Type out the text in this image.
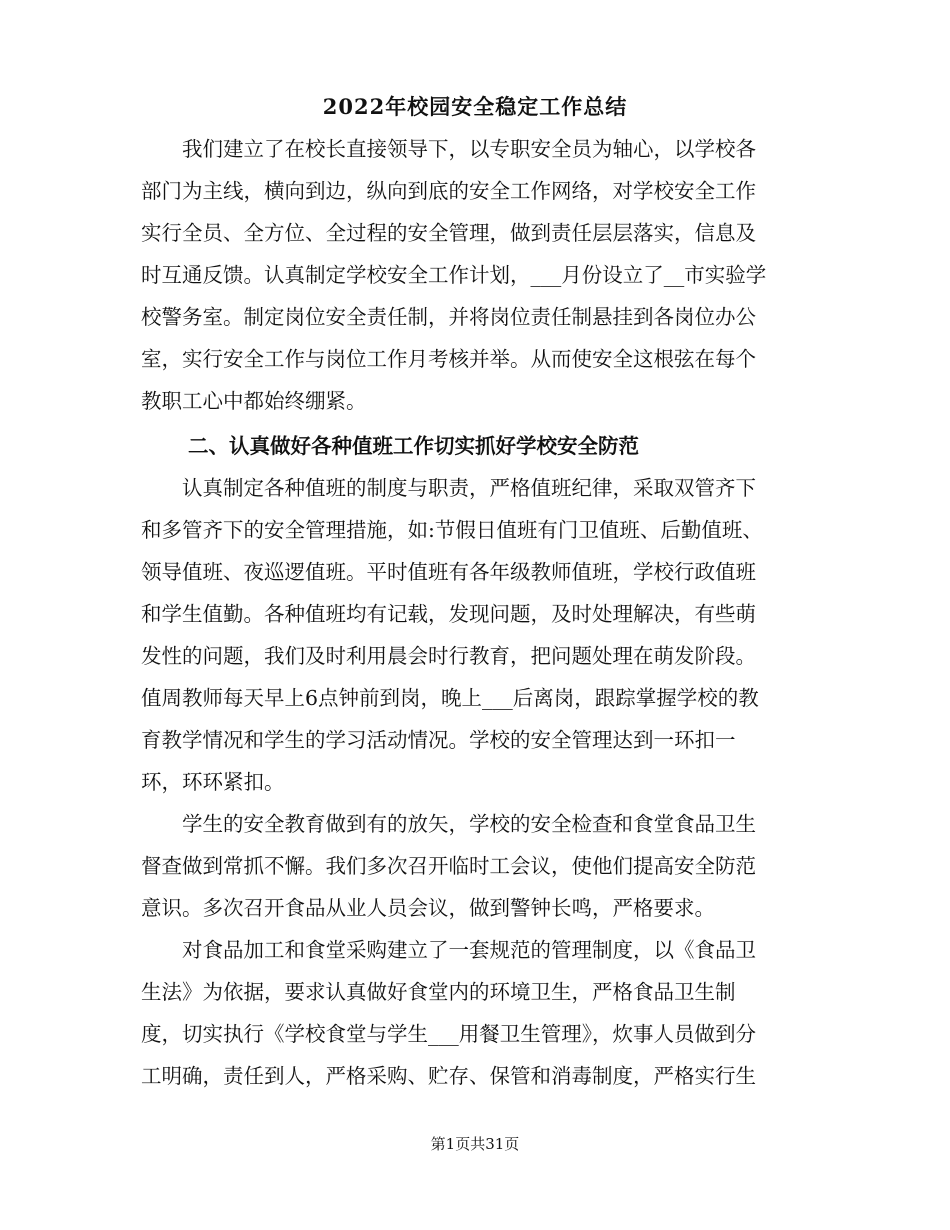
2022年校园安全稳定工作总结
　　我们建立了在校长直接领导下，以专职安全员为轴心，以学校各
部门为主线，横向到边，纵向到底的安全工作网络，对学校安全工作
实行全员、全方位、全过程的安全管理，做到责任层层落实，信息及
时互通反馈。认真制定学校安全工作计划，___月份设立了__市实验学
校警务室。制定岗位安全责任制，并将岗位责任制悬挂到各岗位办公
室，实行安全工作与岗位工作月考核并举。从而使安全这根弦在每个
教职工心中都始终绷紧。
二、认真做好各种值班工作切实抓好学校安全防范
　　认真制定各种值班的制度与职责，严格值班纪律，采取双管齐下
和多管齐下的安全管理措施，如:节假日值班有门卫值班、后勤值班、
领导值班、夜巡逻值班。平时值班有各年级教师值班，学校行政值班
和学生值勤。各种值班均有记载，发现问题，及时处理解决，有些萌
发性的问题，我们及时利用晨会时行教育，把问题处理在萌发阶段。
值周教师每天早上6点钟前到岗，晚上___后离岗，跟踪掌握学校的教
育教学情况和学生的学习活动情况。学校的安全管理达到一环扣一
环，环环紧扣。
　　学生的安全教育做到有的放矢，学校的安全检查和食堂食品卫生
督查做到常抓不懈。我们多次召开临时工会议，使他们提高安全防范
意识。多次召开食品从业人员会议，做到警钟长鸣，严格要求。
　　对食品加工和食堂采购建立了一套规范的管理制度，以《食品卫
生法》为依据，要求认真做好食堂内的环境卫生，严格食品卫生制
度，切实执行《学校食堂与学生___用餐卫生管理》，炊事人员做到分
工明确，责任到人，严格采购、贮存、保管和消毒制度，严格实行生
第1页共31页
